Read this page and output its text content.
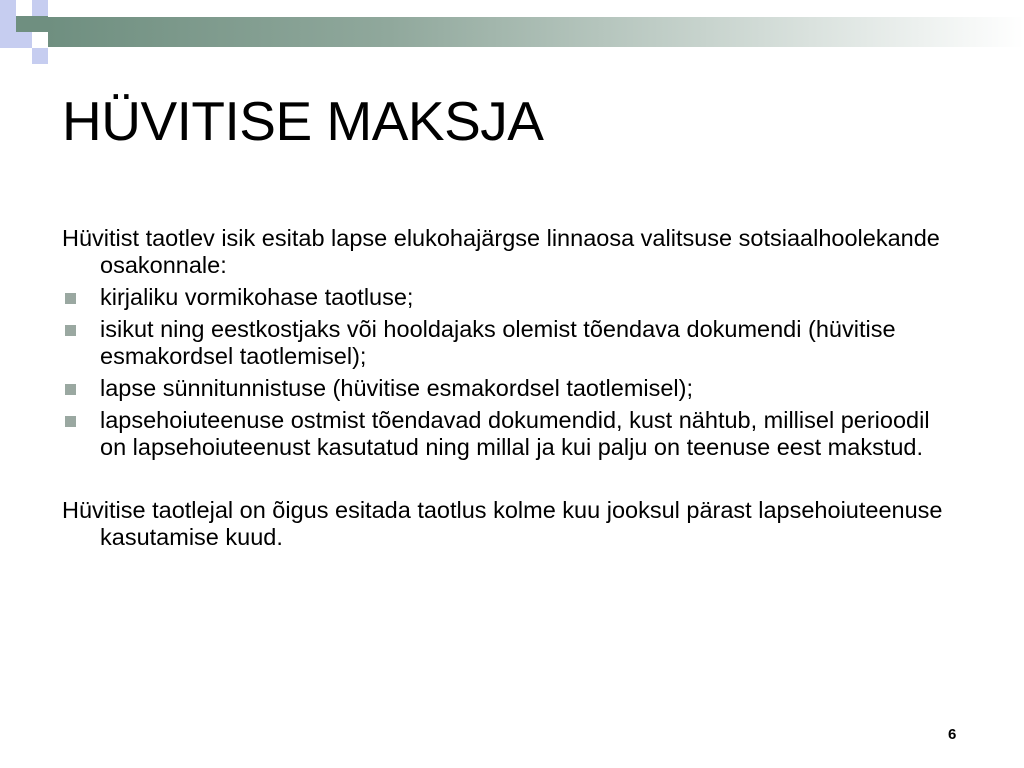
HÜVITISE MAKSJA

Hüvitist taotlev isik esitab lapse elukohajärgse linnaosa valitsuse sotsiaalhoolekande osakonnale:

kirjaliku vormikohase taotluse;
isikut ning eestkostjaks või hooldajaks olemist tõendava dokumendi (hüvitise esmakordsel taotlemisel);
lapse sünnitunnistuse (hüvitise esmakordsel taotlemisel);
lapsehoiuteenuse ostmist tõendavad dokumendid, kust nähtub, millisel perioodil on lapsehoiuteenust kasutatud ning millal ja kui palju on teenuse eest makstud.

Hüvitise taotlejal on õigus esitada taotlus kolme kuu jooksul pärast lapsehoiuteenuse kasutamise kuud.

6
